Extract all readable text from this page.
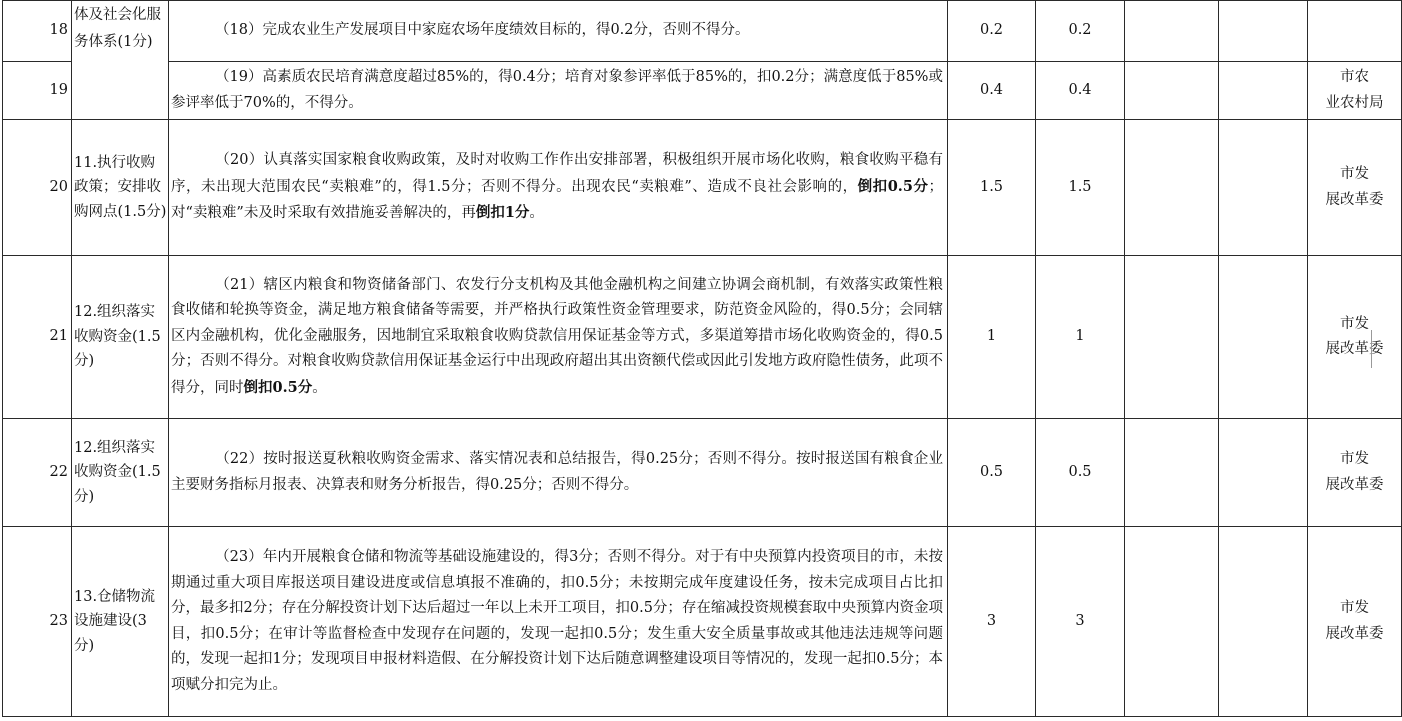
18	体及社会化服务体系(1分)	（18）完成农业生产发展项目中家庭农场年度绩效目标的，得0.2分，否则不得分。	0.2	0.2			
19		（19）高素质农民培育满意度超过85%的，得0.4分；培育对象参评率低于85%的，扣0.2分；满意度低于85%或参评率低于70%的，不得分。	0.4	0.4			市农
业农村局

20	11.执行收购政策；安排收购网点(1.5分)	（20）认真落实国家粮食收购政策，及时对收购工作作出安排部署，积极组织开展市场化收购，粮食收购平稳有序，未出现大范围农民“卖粮难”的，得1.5分；否则不得分。出现农民“卖粮难”、造成不良社会影响的，倒扣0.5分；对“卖粮难”未及时采取有效措施妥善解决的，再倒扣1分。	1.5	1.5			市发
展改革委

21	12.组织落实收购资金(1.5分)	（21）辖区内粮食和物资储备部门、农发行分支机构及其他金融机构之间建立协调会商机制，有效落实政策性粮食收储和轮换等资金，满足地方粮食储备等需要，并严格执行政策性资金管理要求，防范资金风险的，得0.5分；会同辖区内金融机构，优化金融服务，因地制宜采取粮食收购贷款信用保证基金等方式，多渠道筹措市场化收购资金的，得0.5分；否则不得分。对粮食收购贷款信用保证基金运行中出现政府超出其出资额代偿或因此引发地方政府隐性债务，此项不得分，同时倒扣0.5分。	1	1			市发
展改革委

22	12.组织落实收购资金(1.5分)	（22）按时报送夏秋粮收购资金需求、落实情况表和总结报告，得0.25分；否则不得分。按时报送国有粮食企业主要财务指标月报表、决算表和财务分析报告，得0.25分；否则不得分。	0.5	0.5			市发
展改革委

23	13.仓储物流设施建设(3分)	（23）年内开展粮食仓储和物流等基础设施建设的，得3分；否则不得分。对于有中央预算内投资项目的市，未按期通过重大项目库报送项目建设进度或信息填报不准确的，扣0.5分；未按期完成年度建设任务，按未完成项目占比扣分，最多扣2分；存在分解投资计划下达后超过一年以上未开工项目，扣0.5分；存在缩减投资规模套取中央预算内资金项目，扣0.5分；在审计等监督检查中发现存在问题的，发现一起扣0.5分；发生重大安全质量事故或其他违法违规等问题的，发现一起扣1分；发现项目申报材料造假、在分解投资计划下达后随意调整建设项目等情况的，发现一起扣0.5分；本项赋分扣完为止。	3	3			市发
展改革委
